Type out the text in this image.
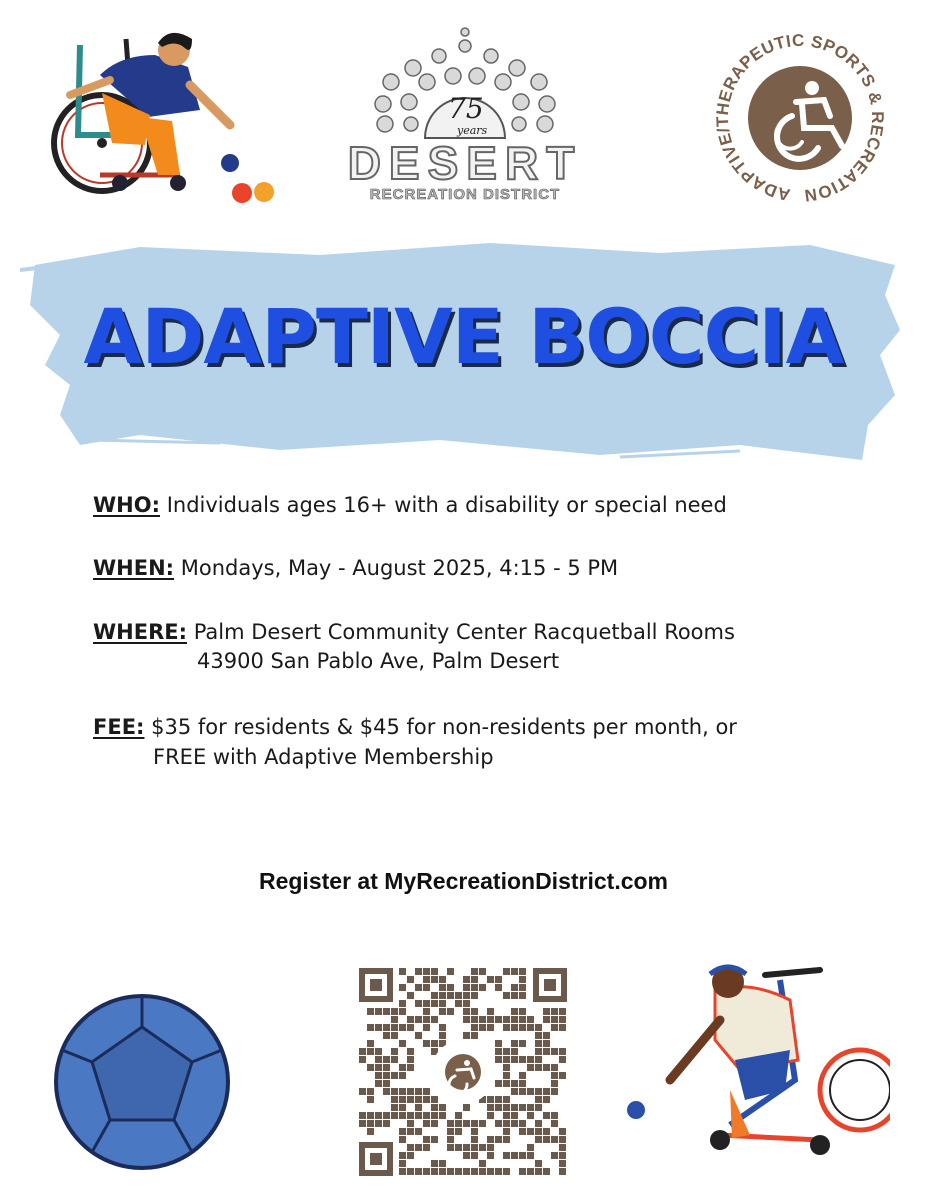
75
years
DESERT
RECREATION DISTRICT	ADAPTIVE/THERAPEUTIC SPORTS & RECREATION
ADAPTIVE BOCCIA
WHO: Individuals ages 16+ with a disability or special need
WHEN: Mondays, May - August 2025, 4:15 - 5 PM
WHERE: Palm Desert Community Center Racquetball Rooms
43900 San Pablo Ave, Palm Desert
FEE: $35 for residents & $45 for non-residents per month, or
FREE with Adaptive Membership
Register at MyRecreationDistrict.com
